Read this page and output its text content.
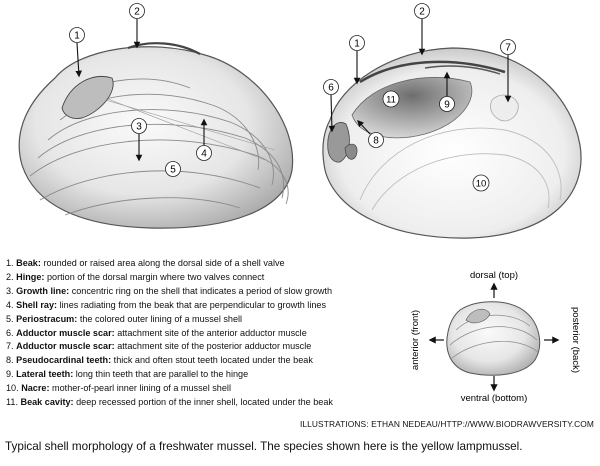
1
2
3
4
5
1
2
6
7
8
9
11
10
dorsal (top)
ventral (bottom)
anterior (front)	posterior (back)
1. Beak: rounded or raised area along the dorsal side of a shell valve
2. Hinge: portion of the dorsal margin where two valves connect
3. Growth line: concentric ring on the shell that indicates a period of slow growth
4. Shell ray: lines radiating from the beak that are perpendicular to growth lines
5. Periostracum: the colored outer lining of a mussel shell
6. Adductor muscle scar: attachment site of the anterior adductor muscle
7. Adductor muscle scar: attachment site of the posterior adductor muscle
8. Pseudocardinal teeth: thick and often stout teeth located under the beak
9. Lateral teeth: long thin teeth that are parallel to the hinge
10. Nacre: mother-of-pearl inner lining of a mussel shell
11. Beak cavity: deep recessed portion of the inner shell, located under the beak
ILLUSTRATIONS: ETHAN NEDEAU/HTTP://WWW.BIODRAWVERSITY.COM
Typical shell morphology of a freshwater mussel. The species shown here is the yellow lampmussel.
